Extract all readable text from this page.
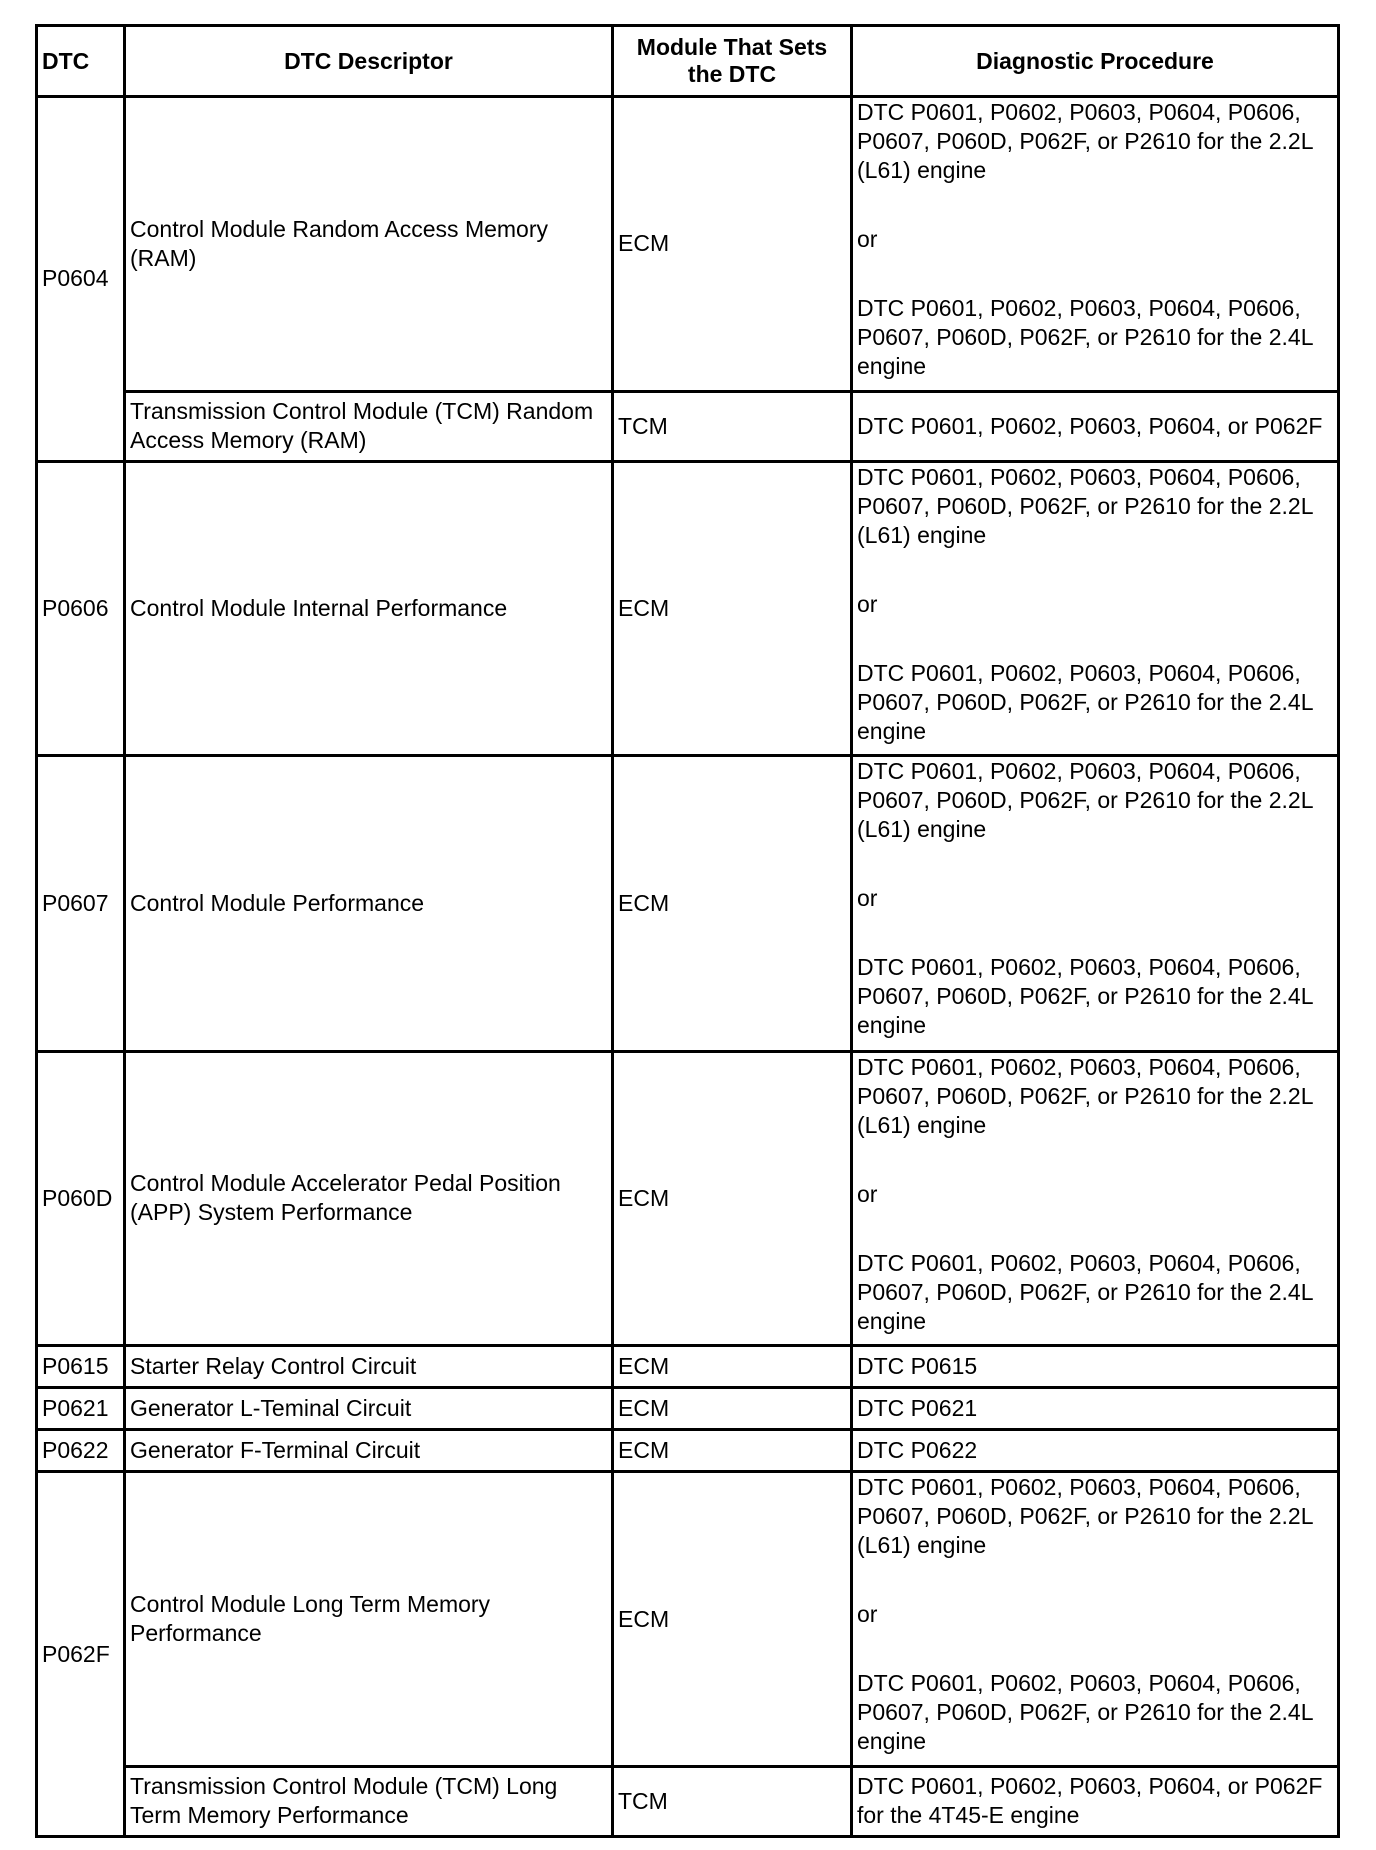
DTC	DTC Descriptor	Module That Sets the DTC	Diagnostic Procedure
P0604	Control Module Random Access Memory (RAM)	ECM	DTC P0601, P0602, P0603, P0604, P0606, P0607, P060D, P062F, or P2610 for the 2.2L (L61) engine
or
DTC P0601, P0602, P0603, P0604, P0606, P0607, P060D, P062F, or P2610 for the 2.4L engine

	Transmission Control Module (TCM) Random Access Memory (RAM)	TCM	DTC P0601, P0602, P0603, P0604, or P062F
P0606	Control Module Internal Performance	ECM	DTC P0601, P0602, P0603, P0604, P0606, P0607, P060D, P062F, or P2610 for the 2.2L (L61) engine
or
DTC P0601, P0602, P0603, P0604, P0606, P0607, P060D, P062F, or P2610 for the 2.4L engine

P0607	Control Module Performance	ECM	DTC P0601, P0602, P0603, P0604, P0606, P0607, P060D, P062F, or P2610 for the 2.2L (L61) engine
or
DTC P0601, P0602, P0603, P0604, P0606, P0607, P060D, P062F, or P2610 for the 2.4L engine

P060D	Control Module Accelerator Pedal Position (APP) System Performance	ECM	DTC P0601, P0602, P0603, P0604, P0606, P0607, P060D, P062F, or P2610 for the 2.2L (L61) engine
or
DTC P0601, P0602, P0603, P0604, P0606, P0607, P060D, P062F, or P2610 for the 2.4L engine

P0615	Starter Relay Control Circuit	ECM	DTC P0615
P0621	Generator L-Teminal Circuit	ECM	DTC P0621
P0622	Generator F-Terminal Circuit	ECM	DTC P0622
P062F	Control Module Long Term Memory Performance	ECM	DTC P0601, P0602, P0603, P0604, P0606, P0607, P060D, P062F, or P2610 for the 2.2L (L61) engine
or
DTC P0601, P0602, P0603, P0604, P0606, P0607, P060D, P062F, or P2610 for the 2.4L engine

	Transmission Control Module (TCM) Long Term Memory Performance	TCM	DTC P0601, P0602, P0603, P0604, or P062F for the 4T45-E engine
